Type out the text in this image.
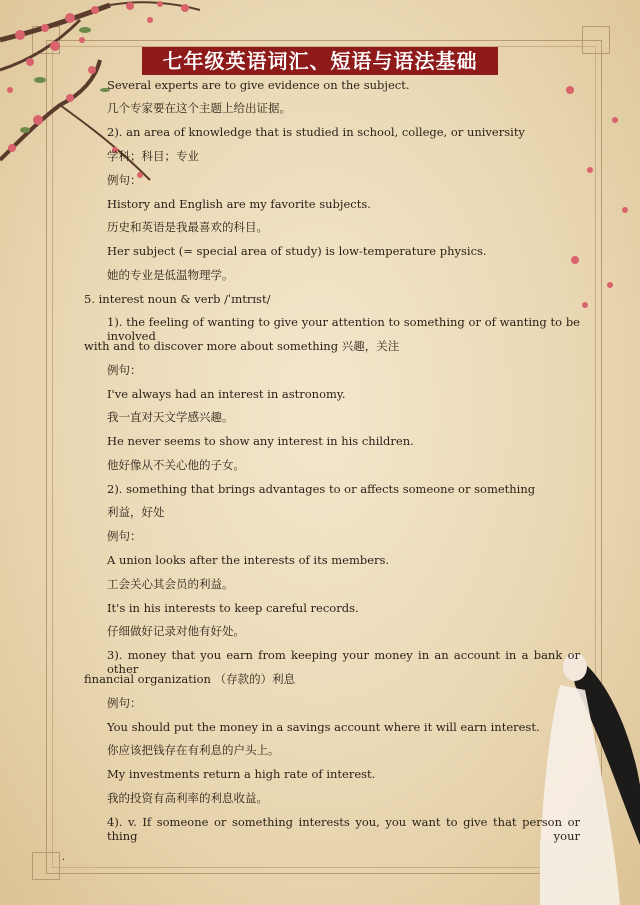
七年级英语词汇、短语与语法基础
Several experts are to give evidence on the subject.
几个专家要在这个主题上给出证据。
2). an area of knowledge that is studied in school, college, or university
学科；科目；专业
例句：
History and English are my favorite subjects.
历史和英语是我最喜欢的科目。
Her subject (= special area of study) is low-temperature physics.
她的专业是低温物理学。
5. interest noun & verb /ˈɪntrɪst/
1). the feeling of wanting to give your attention to something or of wanting to be involved
with and to discover more about something 兴趣，关注
例句：
I've always had an interest in astronomy.
我一直对天文学感兴趣。
He never seems to show any interest in his children.
他好像从不关心他的子女。
2). something that brings advantages to or affects someone or something
利益，好处
例句：
A union looks after the interests of its members.
工会关心其会员的利益。
It's in his interests to keep careful records.
仔细做好记录对他有好处。
3). money that you earn from keeping your money in an account in a bank or other
financial organization （存款的）利息
例句：
You should put the money in a savings account where it will earn interest.
你应该把钱存在有利息的户头上。
My investments return a high rate of interest.
我的投资有高利率的利息收益。
4). v. If someone or something interests you, you want to give that person or thing your
.
